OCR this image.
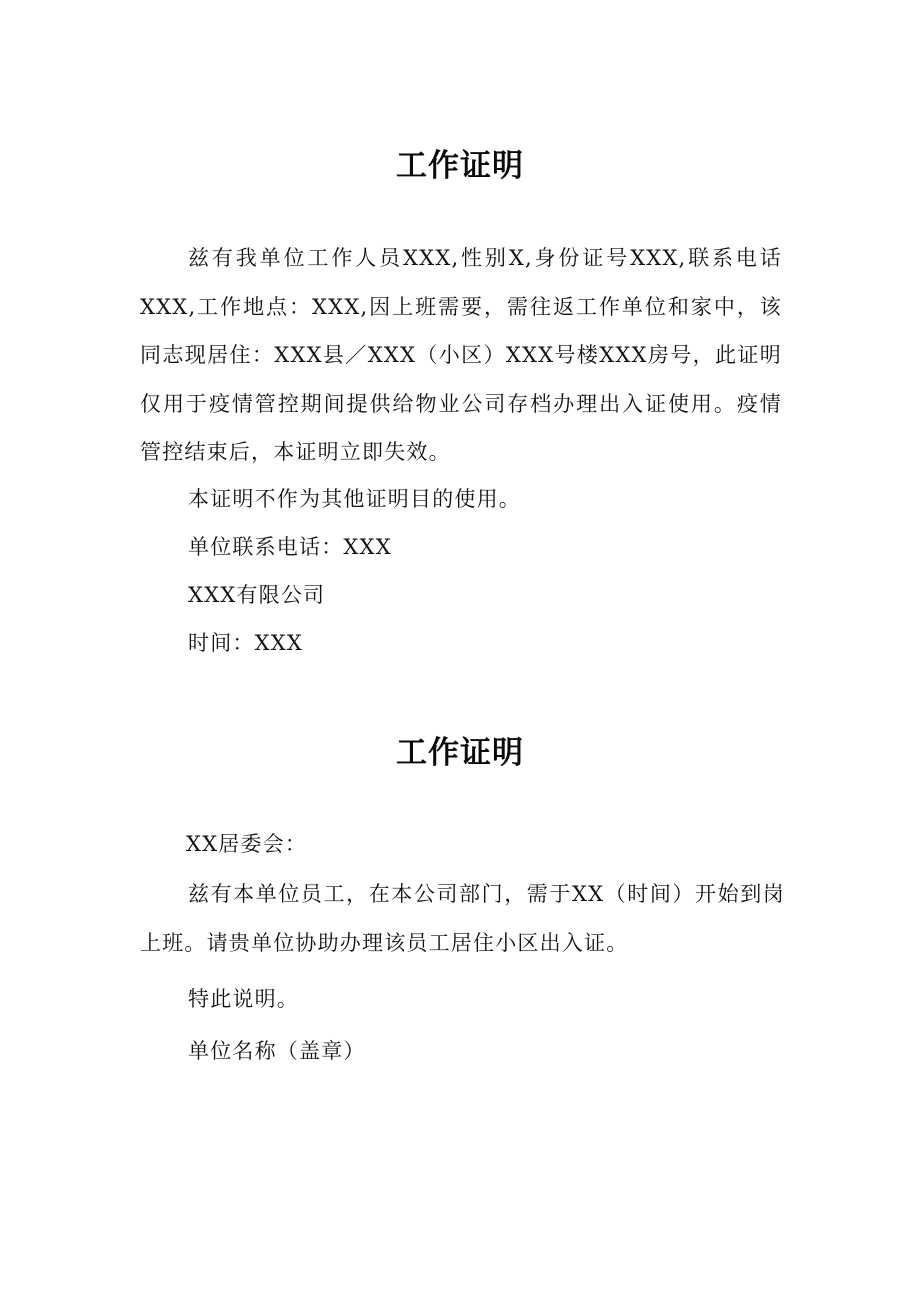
工作证明

兹有我单位工作人员XXX,性别X,身份证号XXX,联系电话XXX,工作地点：XXX,因上班需要，需往返工作单位和家中，该同志现居住：XXX县／XXX（小区）XXX号楼XXX房号，此证明仅用于疫情管控期间提供给物业公司存档办理出入证使用。疫情管控结束后，本证明立即失效。

本证明不作为其他证明目的使用。

单位联系电话：XXX

XXX有限公司

时间：XXX

工作证明

XX居委会：

兹有本单位员工，在本公司部门，需于XX（时间）开始到岗上班。请贵单位协助办理该员工居住小区出入证。

特此说明。

单位名称（盖章）
